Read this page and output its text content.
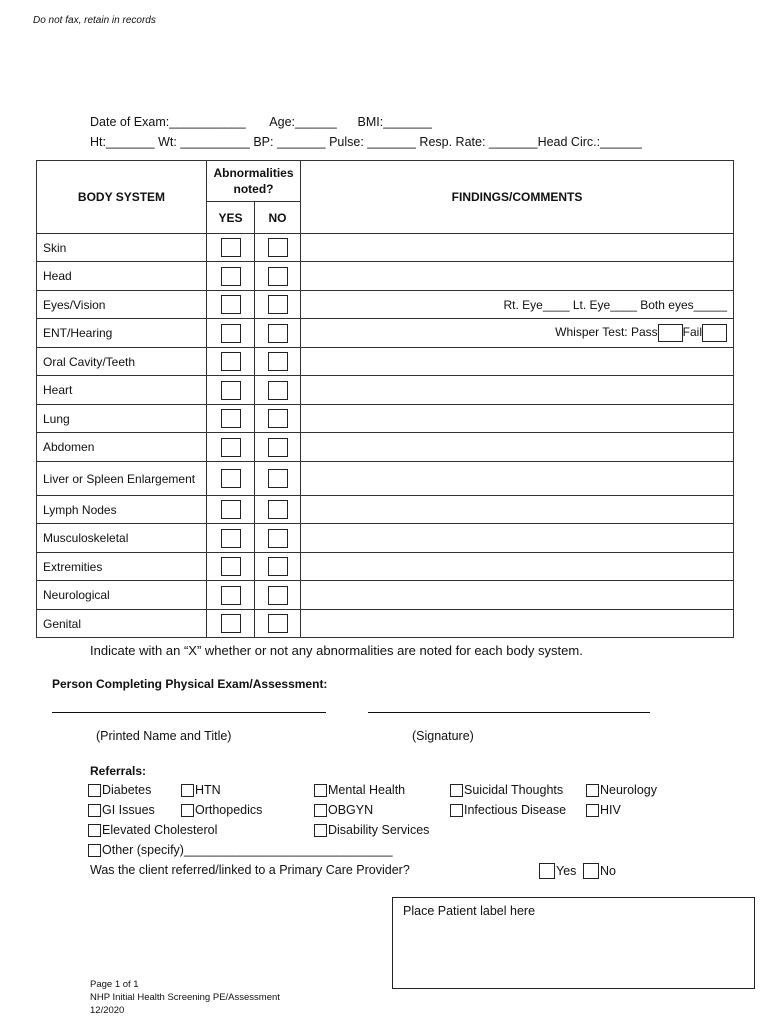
Do not fax, retain in records
Date of Exam:___________       Age:______      BMI:_______
Ht:_______ Wt: __________ BP: _______ Pulse: _______ Resp. Rate: _______Head Circ.:______
BODY SYSTEM	Abnormalities noted?		FINDINGS/COMMENTS
	YES	NO	
Skin	

Head	

Eyes/Vision			Rt. Eye____ Lt. Eye____ Both eyes_____
ENT/Hearing			Whisper Test: Pass Fail
Oral Cavity/Teeth	

Heart	

Lung	

Abdomen	

Liver or Spleen Enlargement	

Lymph Nodes	

Musculoskeletal	

Extremities	

Neurological	

Genital	

Indicate with an “X” whether or not any abnormalities are noted for each body system.
Person Completing Physical Exam/Assessment:
(Printed Name and Title)	(Signature)
Referrals:
Diabetes	HTN	Mental Health	Suicidal Thoughts	Neurology
GI Issues	Orthopedics	OBGYN	Infectious Disease	HIV
Elevated Cholesterol	Disability Services
Other (specify)______________________________
Was the client referred/linked to a Primary Care Provider?	Yes No
Place Patient label here
Page 1 of 1
NHP Initial Health Screening PE/Assessment
12/2020
